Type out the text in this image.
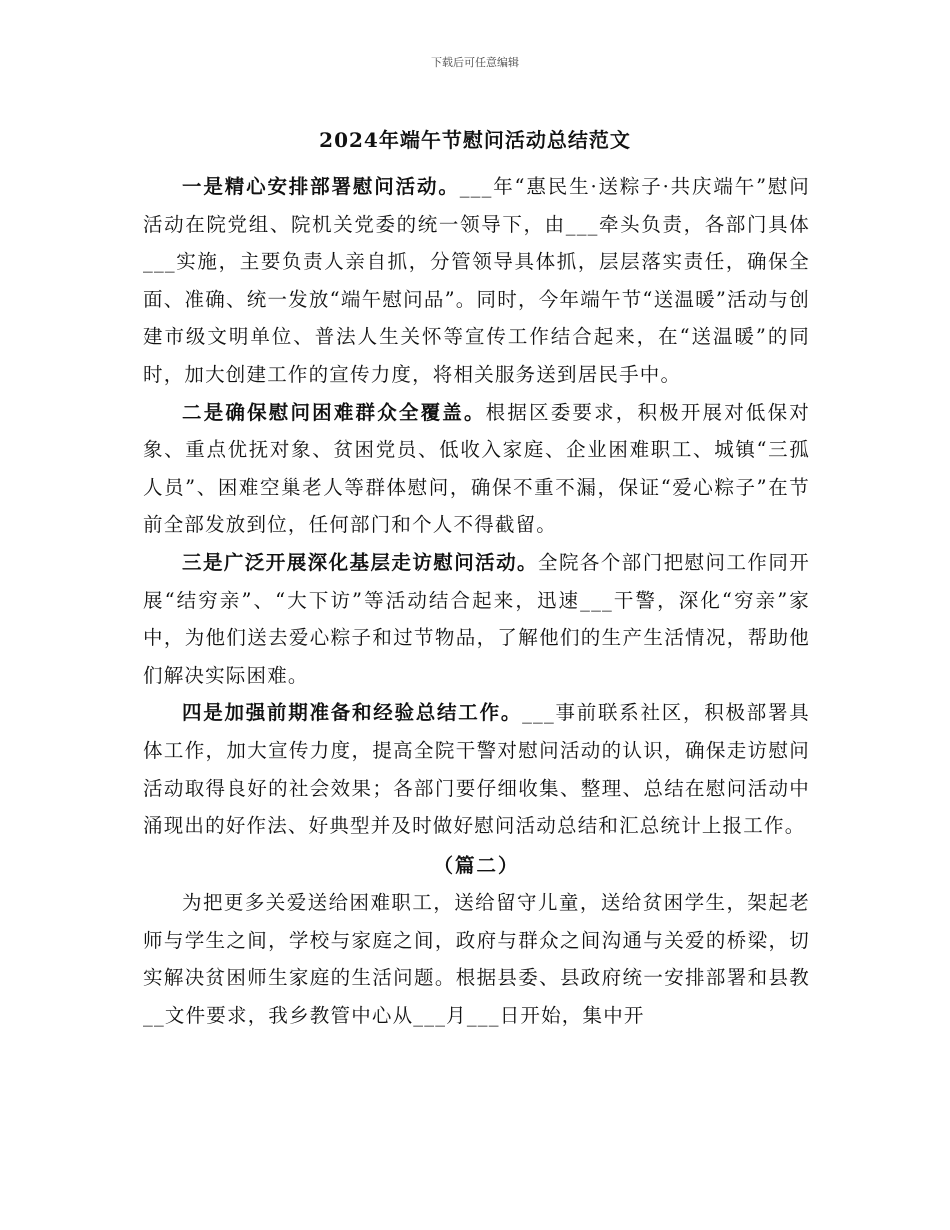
下载后可任意编辑
2024年端午节慰问活动总结范文

一是精心安排部署慰问活动。___年“惠民生·送粽子·共庆端午”慰问活动在院党组、院机关党委的统一领导下，由___牵头负责，各部门具体___实施，主要负责人亲自抓，分管领导具体抓，层层落实责任，确保全面、准确、统一发放“端午慰问品”。同时，今年端午节“送温暖”活动与创建市级文明单位、普法人生关怀等宣传工作结合起来，在“送温暖”的同时，加大创建工作的宣传力度，将相关服务送到居民手中。

二是确保慰问困难群众全覆盖。根据区委要求，积极开展对低保对象、重点优抚对象、贫困党员、低收入家庭、企业困难职工、城镇“三孤人员”、困难空巢老人等群体慰问，确保不重不漏，保证“爱心粽子”在节前全部发放到位，任何部门和个人不得截留。

三是广泛开展深化基层走访慰问活动。全院各个部门把慰问工作同开展“结穷亲”、“大下访”等活动结合起来，迅速___干警，深化“穷亲”家中，为他们送去爱心粽子和过节物品，了解他们的生产生活情况，帮助他们解决实际困难。

四是加强前期准备和经验总结工作。___事前联系社区，积极部署具体工作，加大宣传力度，提高全院干警对慰问活动的认识，确保走访慰问活动取得良好的社会效果；各部门要仔细收集、整理、总结在慰问活动中涌现出的好作法、好典型并及时做好慰问活动总结和汇总统计上报工作。

（篇二）

为把更多关爱送给困难职工，送给留守儿童，送给贫困学生，架起老师与学生之间，学校与家庭之间，政府与群众之间沟通与关爱的桥梁，切实解决贫困师生家庭的生活问题。根据县委、县政府统一安排部署和县教__文件要求，我乡教管中心从___月___日开始，集中开
